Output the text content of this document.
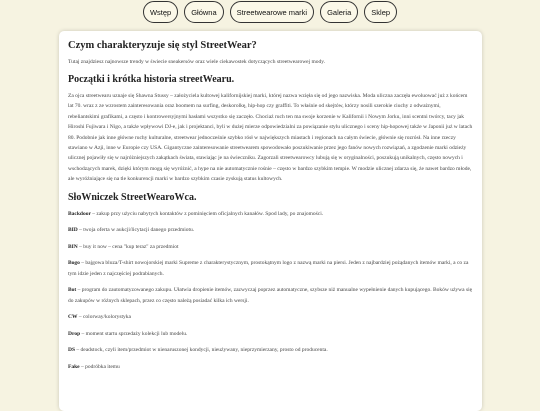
Wstęp	Główna	Streetwearowe marki	Galeria	Sklep
Czym charakteryzuje się styl StreetWear?

Tutaj znajdziesz najnowsze trendy w świecie sneakersów oraz wiele ciekawostek dotyczących streetwearowej mody.

Początki i krótka historia streetWearu.

Za ojca streetwearu uznaje się Shawna Stussy – założyciela kultowej kalifornijskiej marki, której nazwa wzięła się od jego nazwiska. Moda uliczna zaczęła ewoluować już z końcem lat 70. wraz z ze wzrostem zainteresowania oraz boomem na surfing, deskorolkę, hip-hop czy graffiti. To właśnie od skejtów, którzy nosili szerokie ciuchy z odważnymi, rebeliantskimi grafikami, a często i kontrowersyjnymi hasłami wszystko się zaczęło. Chociaż ruch ten ma swoje korzenie w Kalifornii i Nowym Jorku, inni scentni twórcy, tacy jak Hiroshi Fujiwara i Nigo, a także wpływowi DJ-e, jak i projektanci, byli w dużej mierze odpowiedzialni za powiązanie stylu ulicznego i sceny hip-hopowej także w Japonii już w latach 80. Podobnie jak inne główne ruchy kulturalne, streetwear jednocześnie szybko rósł w największych miastach i regionach na całym świecie, głównie się rozrósł. Na inne rzeczy stawiano w Azji, inne w Europie czy USA. Gigantyczne zainteresowanie streetwearem spowodowało poszukiwanie przez jego fanów nowych rozwiązań, a zgodzenie marki odzieży ulicznej pojawiły się w najróżniejszych zakątkach świata, stawiając je na świeczniku. Zagorzali streetwearowcy lubują się w oryginalności, poszukują unikalnych, często nowych i wschodzących marek, dzięki którym mogą się wyróżnić, a hype na nie automatycznie rośnie – często w bardzo szybkim tempie. W modzie ulicznej zdarza się, że nawet bardzo młode, ale wyróżniające się na tle konkurencji marki w bardzo szybkim czasie zyskują status kultowych.

SłoWniczek StreetWearoWca.

Backdoor – zakup przy użyciu nabytych kontaktów z pominięciem oficjalnych kanałów. Spod lady, po znajomości.

BID – twoja oferta w aukcji/licytacji danego przedmiotu.

BIN – buy it now – cena "kup teraz" za przedmiot

Bogo – bajgowa bluza/T-shirt nowojorskiej marki Supreme z charakterystycznym, prostokątnym logo z nazwą marki na piersi. Jeden z najbardziej pożądanych itemów marki, a co za tym idzie jeden z najczęściej podrabianych.

Bot – program do zautomatyzowanego zakupu. Ułatwia dropienie itemów, zazwyczaj poprzez automatyczne, szybsze niż manualne wypełnienie danych kupującego. Boków używa się do zakupów w różnych sklepach, przez co często należą posiadać kilka ich wersji.

CW – colorway/kolorystyka

Drop – moment startu sprzedaży kolekcji lub modelu.

DS – deadstock, czyli item/przedmiot w nienaruszonej kondycji, nieużywany, nieprzymierzany, prosto od producenta.

Fake – podróbka itemu
